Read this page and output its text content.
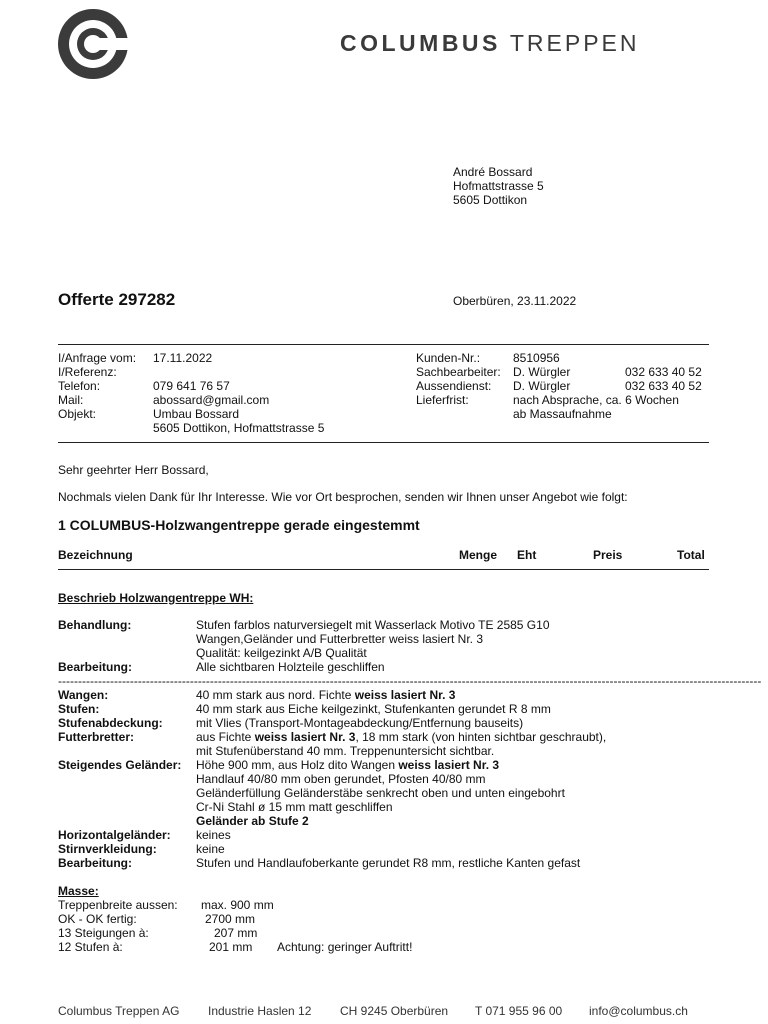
COLUMBUS TREPPEN
André Bossard
Hofmattstrasse 5
5605 Dottikon
Offerte 297282	Oberbüren, 23.11.2022
I/Anfrage vom: 17.11.2022
I/Referenz:
Telefon:	079 641 76 57
Mail:	abossard@gmail.com
Objekt:	Umbau Bossard
5605 Dottikon, Hofmattstrasse 5
Kunden-Nr.:	8510956
Sachbearbeiter: D. Würgler	032 633 40 52
Aussendienst: D. Würgler	032 633 40 52
Lieferfrist:	nach Absprache, ca. 6 Wochen
ab Massaufnahme
Sehr geehrter Herr Bossard,
Nochmals vielen Dank für Ihr Interesse. Wie vor Ort besprochen, senden wir Ihnen unser Angebot wie folgt:
1 COLUMBUS-Holzwangentreppe gerade eingestemmt
Bezeichnung	Menge Eht	Preis	Total
Beschrieb Holzwangentreppe WH:
Behandlung:	Stufen farblos naturversiegelt mit Wasserlack Motivo TE 2585 G10
Wangen,Geländer und Futterbretter weiss lasiert Nr. 3
Qualität: keilgezinkt A/B Qualität
Bearbeitung:	Alle sichtbaren Holzteile geschliffen
--------------------------------------------------------------------------------------------------------------------------------------------------------------------------------
Wangen:	40 mm stark aus nord. Fichte weiss lasiert Nr. 3
Stufen:	40 mm stark aus Eiche keilgezinkt, Stufenkanten gerundet R 8 mm
Stufenabdeckung:	mit Vlies (Transport-Montageabdeckung/Entfernung bauseits)
Futterbretter:	aus Fichte weiss lasiert Nr. 3, 18 mm stark (von hinten sichtbar geschraubt),
mit Stufenüberstand 40 mm. Treppenuntersicht sichtbar.
Steigendes Geländer: Höhe 900 mm, aus Holz dito Wangen weiss lasiert Nr. 3
Handlauf 40/80 mm oben gerundet, Pfosten 40/80 mm
Geländerfüllung Geländerstäbe senkrecht oben und unten eingebohrt
Cr-Ni Stahl ø 15 mm matt geschliffen
Geländer ab Stufe 2
Horizontalgeländer: keines
Stirnverkleidung:	keine
Bearbeitung:	Stufen und Handlaufoberkante gerundet R8 mm, restliche Kanten gefast
Masse:
Treppenbreite aussen: max. 900 mm
OK - OK fertig:	2700 mm
13 Steigungen à:	207 mm
12 Stufen à:	201 mm Achtung: geringer Auftritt!
Columbus Treppen AG Industrie Haslen 12 CH 9245 Oberbüren T 071 955 96 00 info@columbus.ch
